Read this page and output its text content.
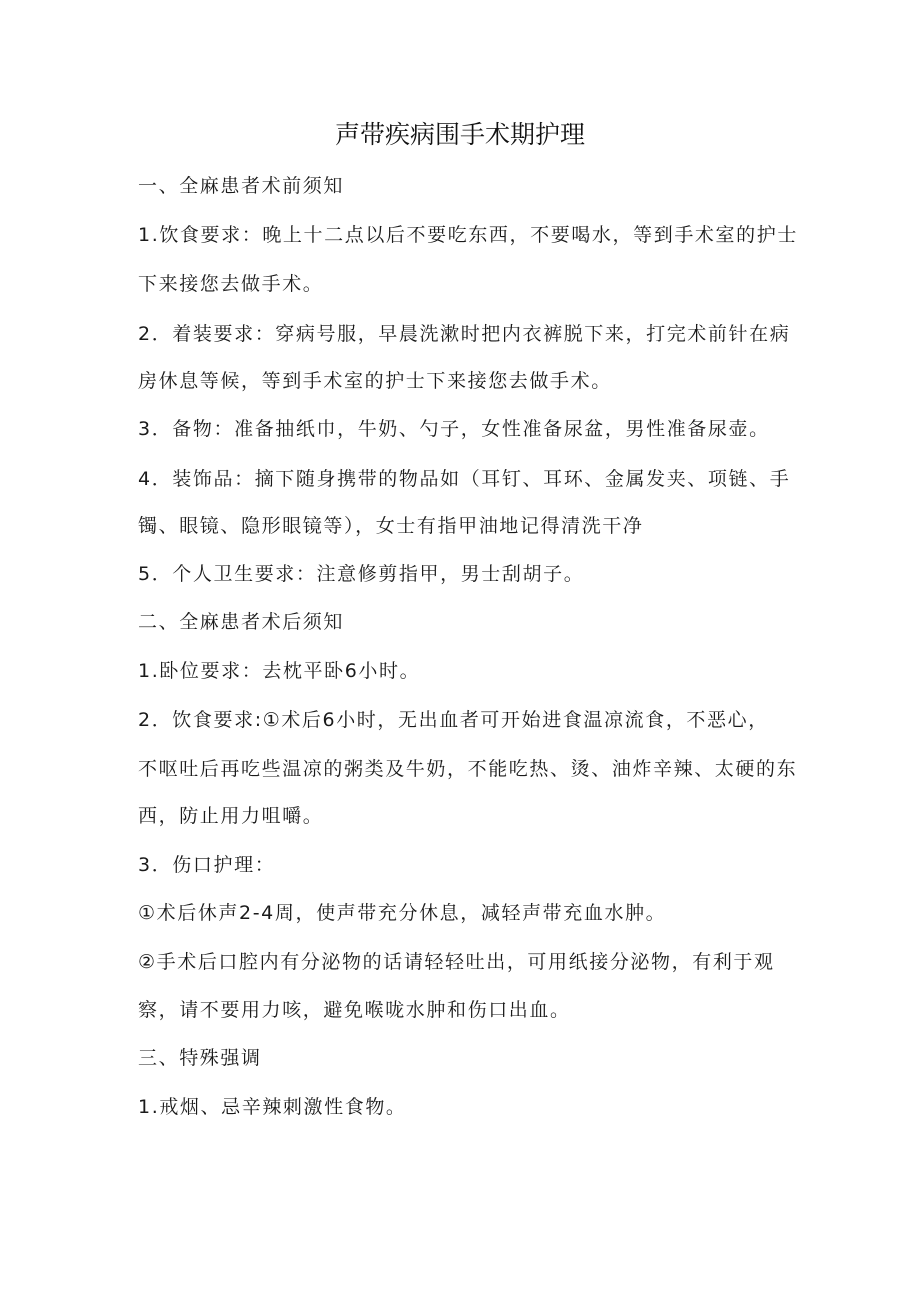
声带疾病围手术期护理

一、全麻患者术前须知

1.饮食要求：晚上十二点以后不要吃东西，不要喝水，等到手术室的护士

下来接您去做手术。

2．着装要求：穿病号服，早晨洗漱时把内衣裤脱下来，打完术前针在病

房休息等候，等到手术室的护士下来接您去做手术。

3．备物：准备抽纸巾，牛奶、勺子，女性准备尿盆，男性准备尿壶。

4．装饰品：摘下随身携带的物品如（耳钉、耳环、金属发夹、项链、手

镯、眼镜、隐形眼镜等），女士有指甲油地记得清洗干净

5．个人卫生要求：注意修剪指甲，男士刮胡子。

二、全麻患者术后须知

1.卧位要求：去枕平卧6小时。

2．饮食要求:①术后6小时，无出血者可开始进食温凉流食，不恶心，

不呕吐后再吃些温凉的粥类及牛奶，不能吃热、烫、油炸辛辣、太硬的东

西，防止用力咀嚼。

3．伤口护理：

①术后休声2-4周，使声带充分休息，减轻声带充血水肿。

②手术后口腔内有分泌物的话请轻轻吐出，可用纸接分泌物，有利于观

察，请不要用力咳，避免喉咙水肿和伤口出血。

三、特殊强调

1.戒烟、忌辛辣刺激性食物。
